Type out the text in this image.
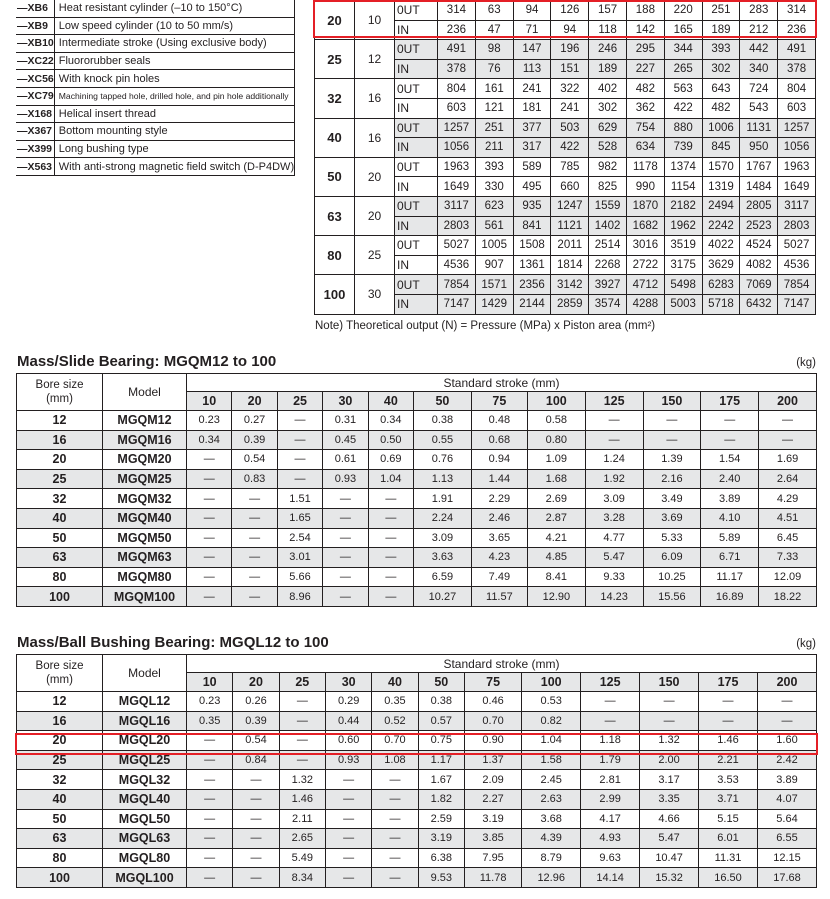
—XB6	Heat resistant cylinder (–10 to 150°C)
—XB9	Low speed cylinder (10 to 50 mm/s)
—XB10	Intermediate stroke (Using exclusive body)
—XC22	Fluororubber seals
—XC56	With knock pin holes
—XC79	Machining tapped hole, drilled hole, and pin hole additionally
—X168	Helical insert thread
—X367	Bottom mounting style
—X399	Long bushing type
—X563	With anti-strong magnetic field switch (D-P4DW)
20	10	0UT	314	63	94	126	157	188	220	251	283	314
		IN	236	47	71	94	118	142	165	189	212	236
25	12	0UT	491	98	147	196	246	295	344	393	442	491
		IN	378	76	113	151	189	227	265	302	340	378
32	16	0UT	804	161	241	322	402	482	563	643	724	804
		IN	603	121	181	241	302	362	422	482	543	603
40	16	0UT	1257	251	377	503	629	754	880	1006	1131	1257
		IN	1056	211	317	422	528	634	739	845	950	1056
50	20	0UT	1963	393	589	785	982	1178	1374	1570	1767	1963
		IN	1649	330	495	660	825	990	1154	1319	1484	1649
63	20	0UT	3117	623	935	1247	1559	1870	2182	2494	2805	3117
		IN	2803	561	841	1121	1402	1682	1962	2242	2523	2803
80	25	0UT	5027	1005	1508	2011	2514	3016	3519	4022	4524	5027
		IN	4536	907	1361	1814	2268	2722	3175	3629	4082	4536
100	30	0UT	7854	1571	2356	3142	3927	4712	5498	6283	7069	7854
		IN	7147	1429	2144	2859	3574	4288	5003	5718	6432	7147
Note) Theoretical output (N) = Pressure (MPa) x Piston area (mm²)
Mass/Slide Bearing: MGQM12 to 100	(kg)
Bore size
(mm)	Model	Standard stroke (mm)											
		10	20	25	30	40	50	75	100	125	150	175	200
12	MGQM12	0.23	0.27	—	0.31	0.34	0.38	0.48	0.58	—	—	—	—
16	MGQM16	0.34	0.39	—	0.45	0.50	0.55	0.68	0.80	—	—	—	—
20	MGQM20	—	0.54	—	0.61	0.69	0.76	0.94	1.09	1.24	1.39	1.54	1.69
25	MGQM25	—	0.83	—	0.93	1.04	1.13	1.44	1.68	1.92	2.16	2.40	2.64
32	MGQM32	—	—	1.51	—	—	1.91	2.29	2.69	3.09	3.49	3.89	4.29
40	MGQM40	—	—	1.65	—	—	2.24	2.46	2.87	3.28	3.69	4.10	4.51
50	MGQM50	—	—	2.54	—	—	3.09	3.65	4.21	4.77	5.33	5.89	6.45
63	MGQM63	—	—	3.01	—	—	3.63	4.23	4.85	5.47	6.09	6.71	7.33
80	MGQM80	—	—	5.66	—	—	6.59	7.49	8.41	9.33	10.25	11.17	12.09
100	MGQM100	—	—	8.96	—	—	10.27	11.57	12.90	14.23	15.56	16.89	18.22
Mass/Ball Bushing Bearing: MGQL12 to 100	(kg)
Bore size
(mm)	Model	Standard stroke (mm)											
		10	20	25	30	40	50	75	100	125	150	175	200
12	MGQL12	0.23	0.26	—	0.29	0.35	0.38	0.46	0.53	—	—	—	—
16	MGQL16	0.35	0.39	—	0.44	0.52	0.57	0.70	0.82	—	—	—	—
20	MGQL20	—	0.54	—	0.60	0.70	0.75	0.90	1.04	1.18	1.32	1.46	1.60
25	MGQL25	—	0.84	—	0.93	1.08	1.17	1.37	1.58	1.79	2.00	2.21	2.42
32	MGQL32	—	—	1.32	—	—	1.67	2.09	2.45	2.81	3.17	3.53	3.89
40	MGQL40	—	—	1.46	—	—	1.82	2.27	2.63	2.99	3.35	3.71	4.07
50	MGQL50	—	—	2.11	—	—	2.59	3.19	3.68	4.17	4.66	5.15	5.64
63	MGQL63	—	—	2.65	—	—	3.19	3.85	4.39	4.93	5.47	6.01	6.55
80	MGQL80	—	—	5.49	—	—	6.38	7.95	8.79	9.63	10.47	11.31	12.15
100	MGQL100	—	—	8.34	—	—	9.53	11.78	12.96	14.14	15.32	16.50	17.68
